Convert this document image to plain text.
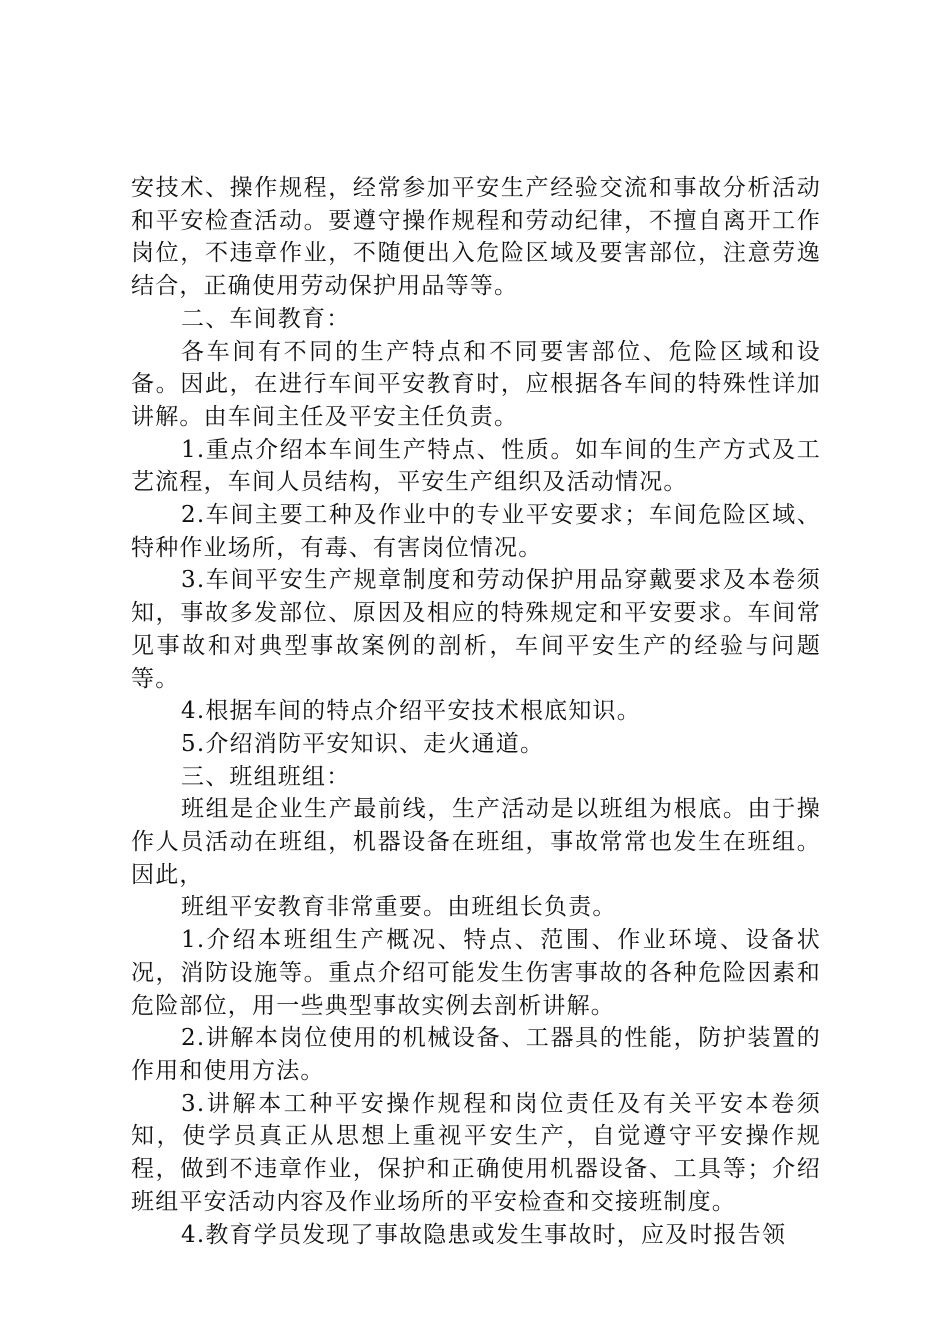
安技术、操作规程，经常参加平安生产经验交流和事故分析活动和平安检查活动。要遵守操作规程和劳动纪律，不擅自离开工作岗位，不违章作业，不随便出入危险区域及要害部位，注意劳逸结合，正确使用劳动保护用品等等。

二、车间教育：

各车间有不同的生产特点和不同要害部位、危险区域和设备。因此，在进行车间平安教育时，应根据各车间的特殊性详加讲解。由车间主任及平安主任负责。

1.重点介绍本车间生产特点、性质。如车间的生产方式及工艺流程，车间人员结构，平安生产组织及活动情况。

2.车间主要工种及作业中的专业平安要求；车间危险区域、特种作业场所，有毒、有害岗位情况。

3.车间平安生产规章制度和劳动保护用品穿戴要求及本卷须知，事故多发部位、原因及相应的特殊规定和平安要求。车间常见事故和对典型事故案例的剖析，车间平安生产的经验与问题等。

4.根据车间的特点介绍平安技术根底知识。

5.介绍消防平安知识、走火通道。

三、班组班组：

班组是企业生产最前线，生产活动是以班组为根底。由于操作人员活动在班组，机器设备在班组，事故常常也发生在班组。因此，

班组平安教育非常重要。由班组长负责。

1.介绍本班组生产概况、特点、范围、作业环境、设备状况，消防设施等。重点介绍可能发生伤害事故的各种危险因素和危险部位，用一些典型事故实例去剖析讲解。

2.讲解本岗位使用的机械设备、工器具的性能，防护装置的作用和使用方法。

3.讲解本工种平安操作规程和岗位责任及有关平安本卷须知，使学员真正从思想上重视平安生产，自觉遵守平安操作规程，做到不违章作业，保护和正确使用机器设备、工具等；介绍班组平安活动内容及作业场所的平安检查和交接班制度。

4.教育学员发现了事故隐患或发生事故时，应及时报告领
